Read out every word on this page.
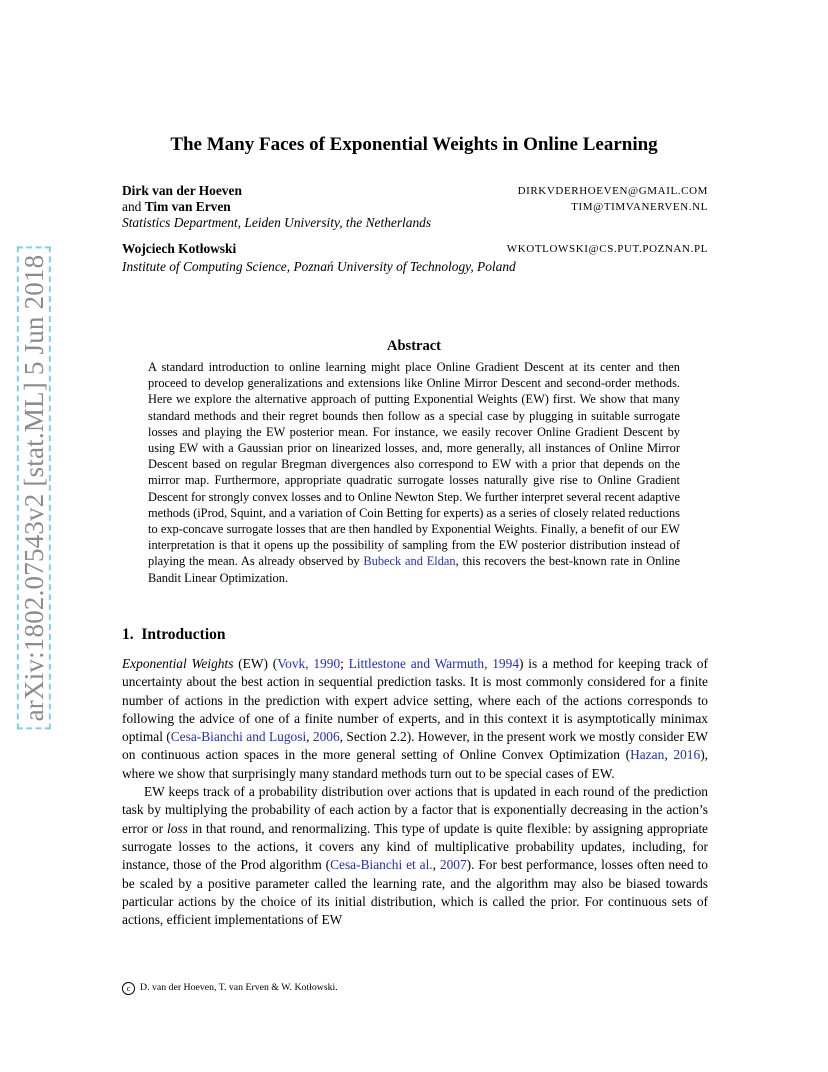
arXiv:1802.07543v2 [stat.ML] 5 Jun 2018
The Many Faces of Exponential Weights in Online Learning
Dirk van der Hoeven	DIRKVDERHOEVEN@GMAIL.COM
and Tim van Erven	TIM@TIMVANERVEN.NL
Statistics Department, Leiden University, the Netherlands
Wojciech Kotłowski	WKOTLOWSKI@CS.PUT.POZNAN.PL
Institute of Computing Science, Poznań University of Technology, Poland
Abstract

A standard introduction to online learning might place Online Gradient Descent at its center and then proceed to develop generalizations and extensions like Online Mirror Descent and second-order methods. Here we explore the alternative approach of putting Exponential Weights (EW) first. We show that many standard methods and their regret bounds then follow as a special case by plugging in suitable surrogate losses and playing the EW posterior mean. For instance, we easily recover Online Gradient Descent by using EW with a Gaussian prior on linearized losses, and, more generally, all instances of Online Mirror Descent based on regular Bregman divergences also correspond to EW with a prior that depends on the mirror map. Furthermore, appropriate quadratic surrogate losses naturally give rise to Online Gradient Descent for strongly convex losses and to Online Newton Step. We further interpret several recent adaptive methods (iProd, Squint, and a variation of Coin Betting for experts) as a series of closely related reductions to exp-concave surrogate losses that are then handled by Exponential Weights. Finally, a benefit of our EW interpretation is that it opens up the possibility of sampling from the EW posterior distribution instead of playing the mean. As already observed by Bubeck and Eldan, this recovers the best-known rate in Online Bandit Linear Optimization.

1. Introduction

Exponential Weights (EW) (Vovk, 1990; Littlestone and Warmuth, 1994) is a method for keeping track of uncertainty about the best action in sequential prediction tasks. It is most commonly considered for a finite number of actions in the prediction with expert advice setting, where each of the actions corresponds to following the advice of one of a finite number of experts, and in this context it is asymptotically minimax optimal (Cesa-Bianchi and Lugosi, 2006, Section 2.2). However, in the present work we mostly consider EW on continuous action spaces in the more general setting of Online Convex Optimization (Hazan, 2016), where we show that surprisingly many standard methods turn out to be special cases of EW.

EW keeps track of a probability distribution over actions that is updated in each round of the prediction task by multiplying the probability of each action by a factor that is exponentially decreasing in the action’s error or loss in that round, and renormalizing. This type of update is quite flexible: by assigning appropriate surrogate losses to the actions, it covers any kind of multiplicative probability updates, including, for instance, those of the Prod algorithm (Cesa-Bianchi et al., 2007). For best performance, losses often need to be scaled by a positive parameter called the learning rate, and the algorithm may also be biased towards particular actions by the choice of its initial distribution, which is called the prior. For continuous sets of actions, efficient implementations of EW

c D. van der Hoeven, T. van Erven & W. Kotłowski.
